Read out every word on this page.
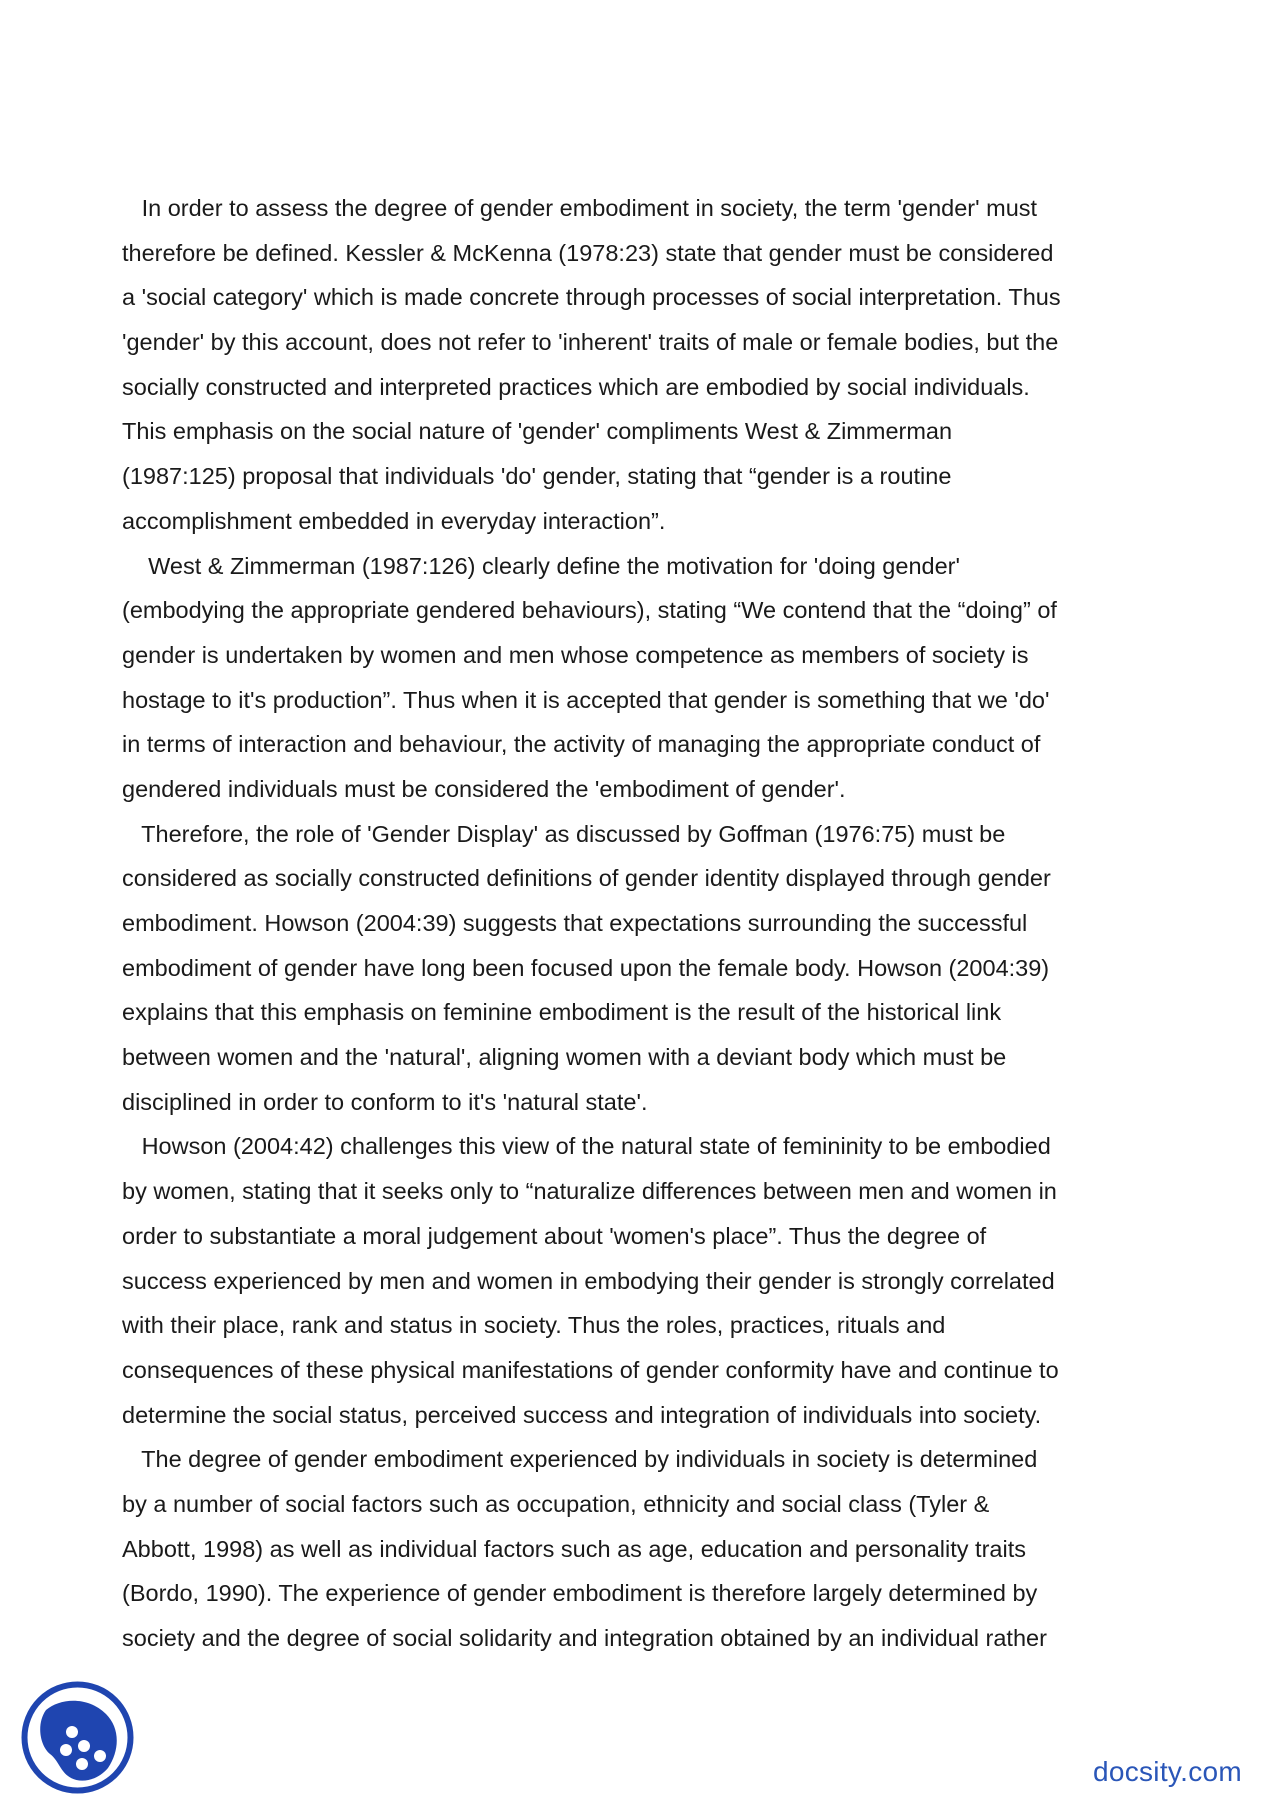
In order to assess the degree of gender embodiment in society, the term 'gender' must
therefore be defined. Kessler & McKenna (1978:23) state that gender must be considered
a 'social category' which is made concrete through processes of social interpretation. Thus
'gender' by this account, does not refer to 'inherent' traits of male or female bodies, but the
socially constructed and interpreted practices which are embodied by social individuals.
This emphasis on the social nature of 'gender' compliments West & Zimmerman
(1987:125) proposal that individuals 'do' gender, stating that “gender is a routine
accomplishment embedded in everyday interaction”.
West & Zimmerman (1987:126) clearly define the motivation for 'doing gender'
(embodying the appropriate gendered behaviours), stating “We contend that the “doing” of
gender is undertaken by women and men whose competence as members of society is
hostage to it's production”. Thus when it is accepted that gender is something that we 'do'
in terms of interaction and behaviour, the activity of managing the appropriate conduct of
gendered individuals must be considered the 'embodiment of gender'.
Therefore, the role of 'Gender Display' as discussed by Goffman (1976:75) must be
considered as socially constructed definitions of gender identity displayed through gender
embodiment. Howson (2004:39) suggests that expectations surrounding the successful
embodiment of gender have long been focused upon the female body. Howson (2004:39)
explains that this emphasis on feminine embodiment is the result of the historical link
between women and the 'natural', aligning women with a deviant body which must be
disciplined in order to conform to it's 'natural state'.
Howson (2004:42) challenges this view of the natural state of femininity to be embodied
by women, stating that it seeks only to “naturalize differences between men and women in
order to substantiate a moral judgement about 'women's place”. Thus the degree of
success experienced by men and women in embodying their gender is strongly correlated
with their place, rank and status in society. Thus the roles, practices, rituals and
consequences of these physical manifestations of gender conformity have and continue to
determine the social status, perceived success and integration of individuals into society.
The degree of gender embodiment experienced by individuals in society is determined
by a number of social factors such as occupation, ethnicity and social class (Tyler &
Abbott, 1998) as well as individual factors such as age, education and personality traits
(Bordo, 1990). The experience of gender embodiment is therefore largely determined by
society and the degree of social solidarity and integration obtained by an individual rather
docsity.com
